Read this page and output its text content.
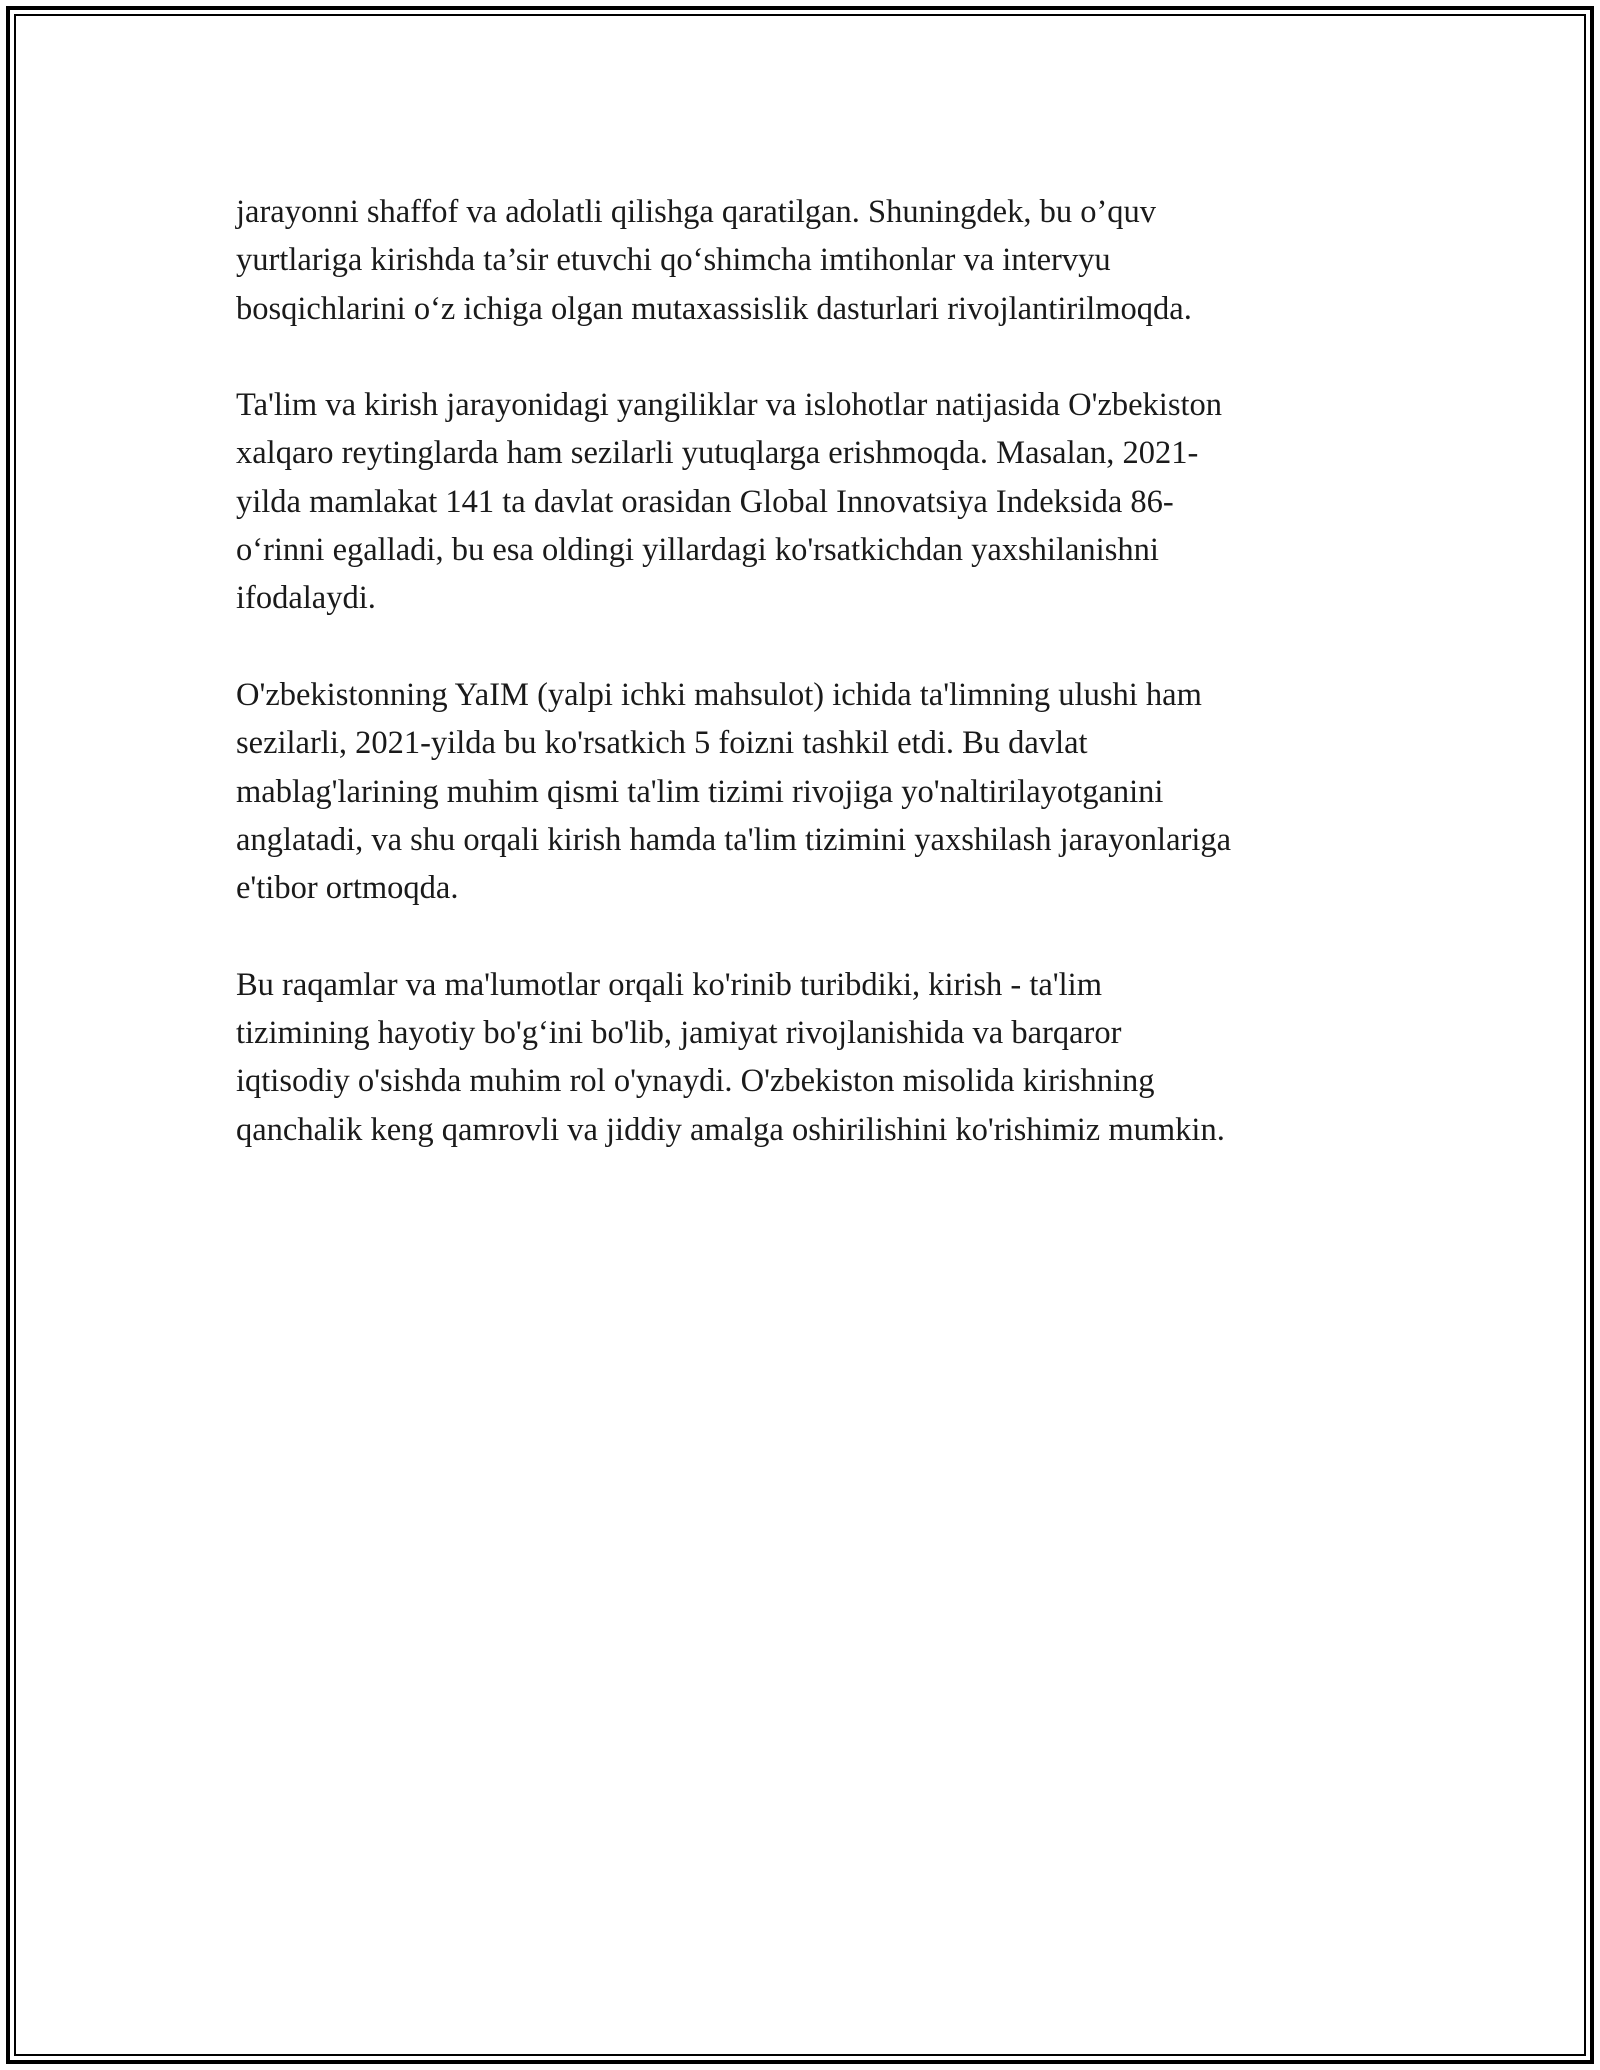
jarayonni shaffof va adolatli qilishga qaratilgan. Shuningdek, bu o’quv
yurtlariga kirishda ta’sir etuvchi qo‘shimcha imtihonlar va intervyu
bosqichlarini o‘z ichiga olgan mutaxassislik dasturlari rivojlantirilmoqda.

Ta'lim va kirish jarayonidagi yangiliklar va islohotlar natijasida O'zbekiston
xalqaro reytinglarda ham sezilarli yutuqlarga erishmoqda. Masalan, 2021-
yilda mamlakat 141 ta davlat orasidan Global Innovatsiya Indeksida 86-
o‘rinni egalladi, bu esa oldingi yillardagi ko'rsatkichdan yaxshilanishni
ifodalaydi.

O'zbekistonning YaIM (yalpi ichki mahsulot) ichida ta'limning ulushi ham
sezilarli, 2021-yilda bu ko'rsatkich 5 foizni tashkil etdi. Bu davlat
mablag'larining muhim qismi ta'lim tizimi rivojiga yo'naltirilayotganini
anglatadi, va shu orqali kirish hamda ta'lim tizimini yaxshilash jarayonlariga
e'tibor ortmoqda.

Bu raqamlar va ma'lumotlar orqali ko'rinib turibdiki, kirish - ta'lim
tizimining hayotiy bo'g‘ini bo'lib, jamiyat rivojlanishida va barqaror
iqtisodiy o'sishda muhim rol o'ynaydi. O'zbekiston misolida kirishning
qanchalik keng qamrovli va jiddiy amalga oshirilishini ko'rishimiz mumkin.
